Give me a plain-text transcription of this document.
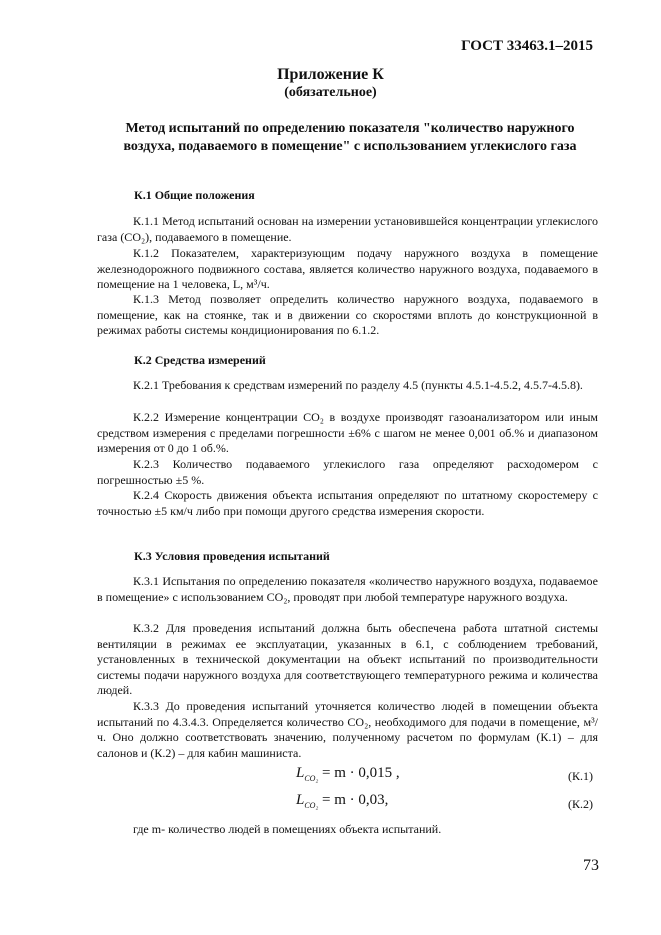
ГОСТ 33463.1–2015
Приложение К
(обязательное)
Метод испытаний по определению показателя "количество наружного воздуха, подаваемого в помещение" с использованием углекислого газа
К.1 Общие положения

К.1.1 Метод испытаний основан на измерении установившейся концентрации углекислого газа (СО₂), подаваемого в помещение.

К.1.2 Показателем, характеризующим подачу наружного воздуха в помещение железнодорожного подвижного состава, является количество наружного воздуха, подаваемого в помещение на 1 человека, L, м³/ч.

К.1.3 Метод позволяет определить количество наружного воздуха, подаваемого в помещение, как на стоянке, так и в движении со скоростями вплоть до конструкционной в режимах работы системы кондиционирования по 6.1.2.

К.2 Средства измерений

К.2.1 Требования к средствам измерений по разделу 4.5 (пункты 4.5.1-4.5.2, 4.5.7-4.5.8).

К.2.2 Измерение концентрации СО₂ в воздухе производят газоанализатором или иным средством измерения с пределами погрешности ±6% с шагом не менее 0,001 об.% и диапазоном измерения от 0 до 1 об.%.

К.2.3 Количество подаваемого углекислого газа определяют расходомером с погрешностью ±5 %.

К.2.4 Скорость движения объекта испытания определяют по штатному скоростемеру с точностью ±5 км/ч либо при помощи другого средства измерения скорости.

К.3 Условия проведения испытаний

К.3.1 Испытания по определению показателя «количество наружного воздуха, подаваемое в помещение» с использованием СО₂, проводят при любой температуре наружного воздуха.

К.3.2 Для проведения испытаний должна быть обеспечена работа штатной системы вентиляции в режимах ее эксплуатации, указанных в 6.1, с соблюдением требований, установленных в технической документации на объект испытаний по производительности системы подачи наружного воздуха для соответствующего температурного режима и количества людей.

К.3.3 До проведения испытаний уточняется количество людей в помещении объекта испытаний по 4.3.4.3. Определяется количество СО₂, необходимого для подачи в помещение, м³/ч. Оно должно соответствовать значению, полученному расчетом по формулам (К.1) – для салонов и (К.2) – для кабин машиниста.

$L_{CO_2} = m \cdot 0,015$ ,	(К.1)
$L_{CO_2} = m \cdot 0,03$,	(К.2)
где m- количество людей в помещениях объекта испытаний.
73
